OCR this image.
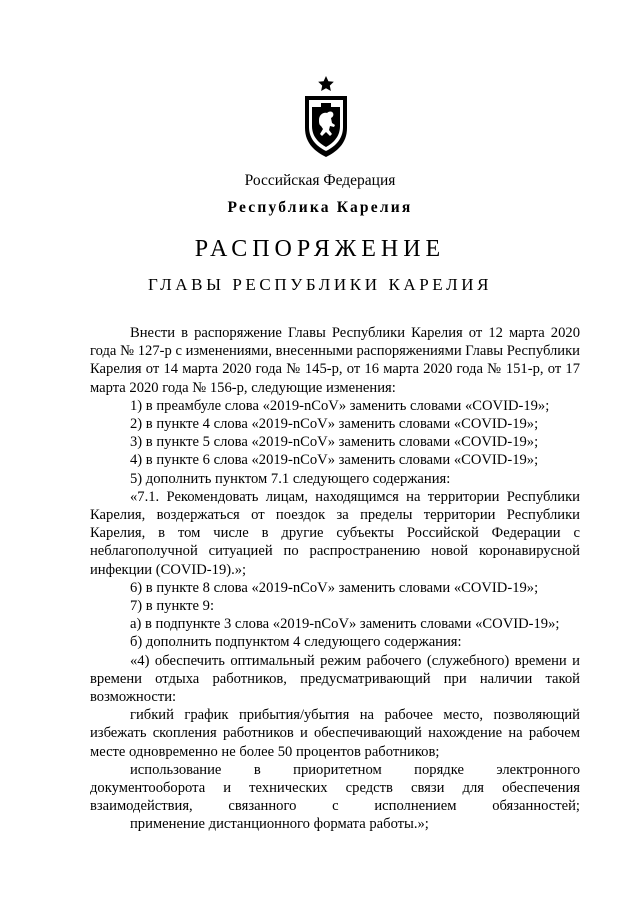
Российская Федерация
Республика Карелия
РАСПОРЯЖЕНИЕ
ГЛАВЫ РЕСПУБЛИКИ КАРЕЛИЯ

Внести в распоряжение Главы Республики Карелия от 12 марта 2020 года № 127-р с изменениями, внесенными распоряжениями Главы Республики Карелия от 14 марта 2020 года № 145-р, от 16 марта 2020 года № 151-р, от 17 марта 2020 года № 156-р, следующие изменения:

1) в преамбуле слова «2019-nCoV» заменить словами «COVID-19»;

2) в пункте 4 слова «2019-nCoV» заменить словами «COVID-19»;

3) в пункте 5 слова «2019-nCoV» заменить словами «COVID-19»;

4) в пункте 6 слова «2019-nCoV» заменить словами «COVID-19»;

5) дополнить пунктом 7.1 следующего содержания:

«7.1. Рекомендовать лицам, находящимся на территории Республики Карелия, воздержаться от поездок за пределы территории Республики Карелия, в том числе в другие субъекты Российской Федерации с неблагополучной ситуацией по распространению новой коронавирусной инфекции (COVID-19).»;

6) в пункте 8 слова «2019-nCoV» заменить словами «COVID-19»;

7) в пункте 9:

а) в подпункте 3 слова «2019-nCoV» заменить словами «COVID-19»;

б) дополнить подпунктом 4 следующего содержания:

«4) обеспечить оптимальный режим рабочего (служебного) времени и времени отдыха работников, предусматривающий при наличии такой возможности:

гибкий график прибытия/убытия на рабочее место, позволяющий избежать скопления работников и обеспечивающий нахождение на рабочем месте одновременно не более 50 процентов работников;

использование в приоритетном порядке электронного документооборота и технических средств связи для обеспечения взаимодействия, связанного с исполнением обязанностей;

применение дистанционного формата работы.»;
